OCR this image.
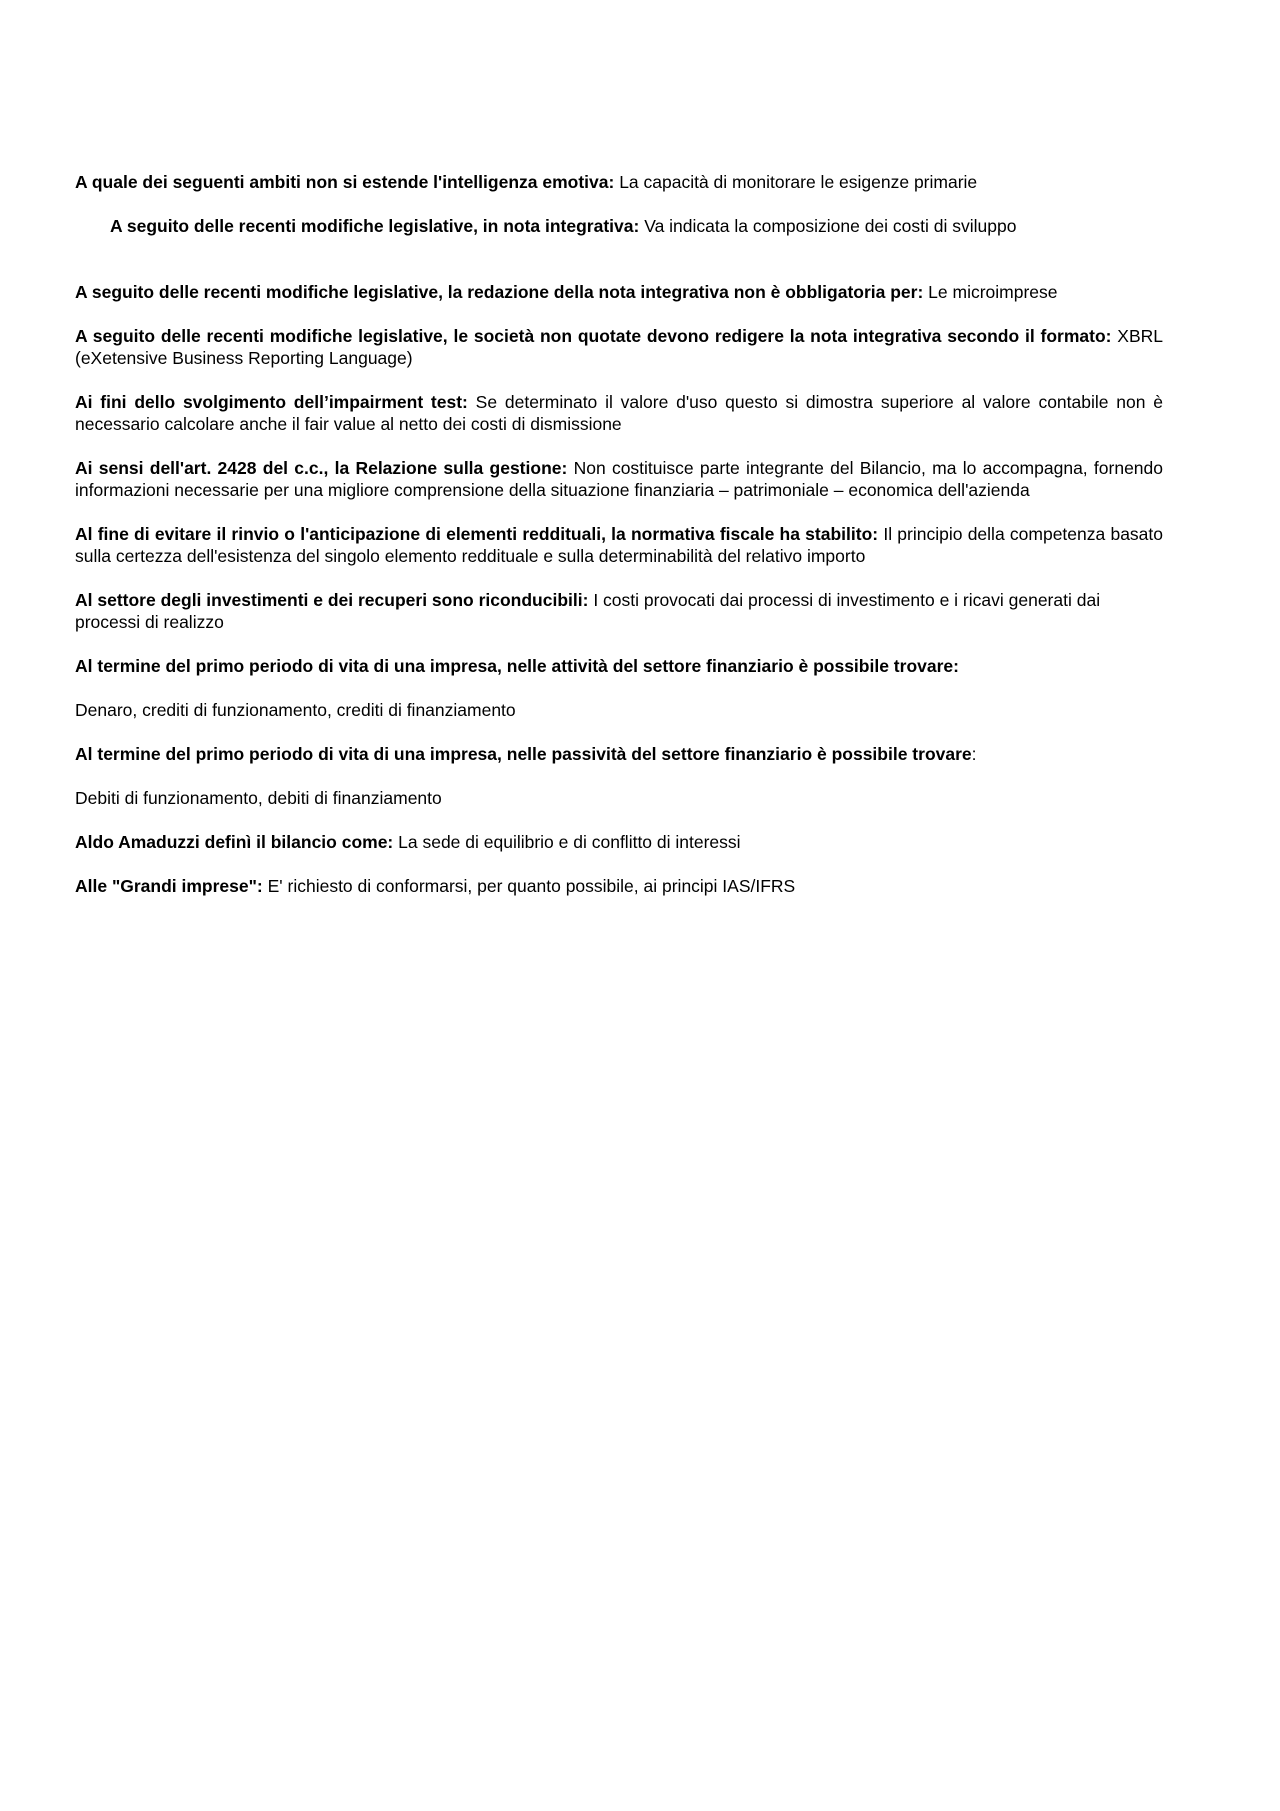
A quale dei seguenti ambiti non si estende l'intelligenza emotiva: La capacità di monitorare le esigenze primarie

A seguito delle recenti modifiche legislative, in nota integrativa: Va indicata la composizione dei costi di sviluppo

A seguito delle recenti modifiche legislative, la redazione della nota integrativa non è obbligatoria per: Le microimprese

A seguito delle recenti modifiche legislative, le società non quotate devono redigere la nota integrativa secondo il formato: XBRL (eXetensive Business Reporting Language)

Ai fini dello svolgimento dell’impairment test: Se determinato il valore d'uso questo si dimostra superiore al valore contabile non è necessario calcolare anche il fair value al netto dei costi di dismissione

Ai sensi dell'art. 2428 del c.c., la Relazione sulla gestione: Non costituisce parte integrante del Bilancio, ma lo accompagna, fornendo informazioni necessarie per una migliore comprensione della situazione finanziaria – patrimoniale – economica dell'azienda

Al fine di evitare il rinvio o l'anticipazione di elementi reddituali, la normativa fiscale ha stabilito: Il principio della competenza basato sulla certezza dell'esistenza del singolo elemento reddituale e sulla determinabilità del relativo importo

Al settore degli investimenti e dei recuperi sono riconducibili: I costi provocati dai processi di investimento e i ricavi generati dai processi di realizzo

Al termine del primo periodo di vita di una impresa, nelle attività del settore finanziario è possibile trovare:

Denaro, crediti di funzionamento, crediti di finanziamento

Al termine del primo periodo di vita di una impresa, nelle passività del settore finanziario è possibile trovare:

Debiti di funzionamento, debiti di finanziamento

Aldo Amaduzzi definì il bilancio come: La sede di equilibrio e di conflitto di interessi

Alle "Grandi imprese": E' richiesto di conformarsi, per quanto possibile, ai principi IAS/IFRS
